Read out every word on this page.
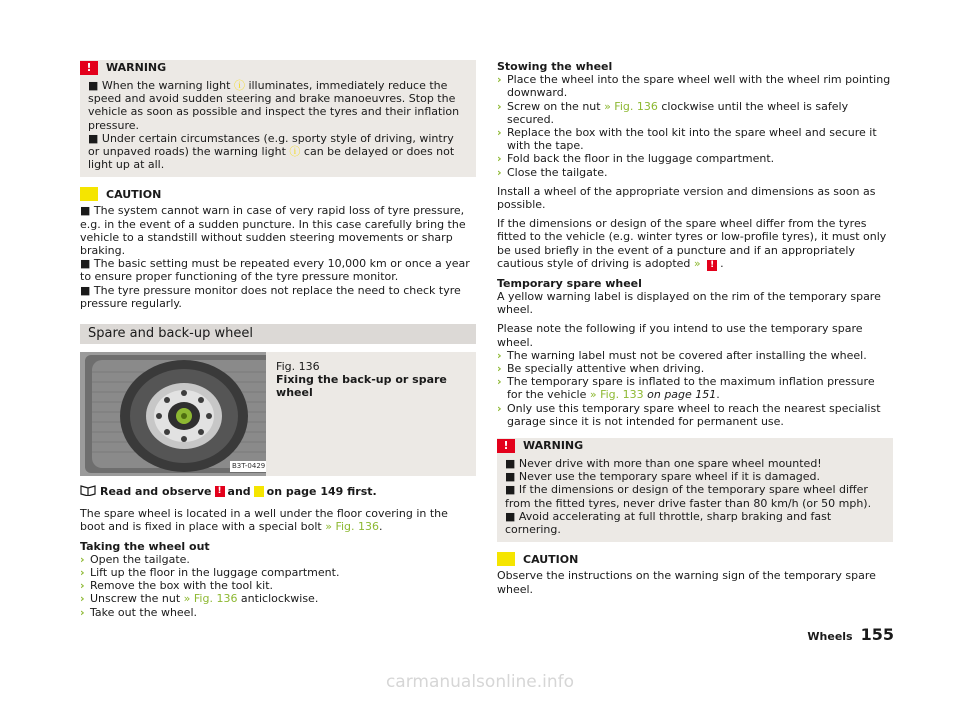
!	WARNING

■ When the warning light ⓘ illuminates, immediately reduce the speed and avoid sudden steering and brake manoeuvres. Stop the vehicle as soon as possible and inspect the tyres and their inflation pressure.

■ Under certain circumstances (e.g. sporty style of driving, wintry or unpaved roads) the warning light ⓘ can be delayed or does not light up at all.

CAUTION

■ The system cannot warn in case of very rapid loss of tyre pressure, e.g. in the event of a sudden puncture. In this case carefully bring the vehicle to a standstill without sudden steering movements or sharp braking.

■ The basic setting must be repeated every 10,000 km or once a year to ensure proper functioning of the tyre pressure monitor.

■ The tyre pressure monitor does not replace the need to check tyre pressure regularly.

Spare and back-up wheel
B3T-0429
Fig. 136
Fixing the back-up or spare wheel
Read and observe ! and on page 149 first.

The spare wheel is located in a well under the floor covering in the boot and is fixed in place with a special bolt » Fig. 136.

Taking the wheel out

› Open the tailgate.
› Lift up the floor in the luggage compartment.
› Remove the box with the tool kit.
› Unscrew the nut » Fig. 136 anticlockwise.
› Take out the wheel.

Stowing the wheel

› Place the wheel into the spare wheel well with the wheel rim pointing downward.
› Screw on the nut » Fig. 136 clockwise until the wheel is safely secured.
› Replace the box with the tool kit into the spare wheel and secure it with the tape.
› Fold back the floor in the luggage compartment.
› Close the tailgate.

Install a wheel of the appropriate version and dimensions as soon as possible.

If the dimensions or design of the spare wheel differ from the tyres fitted to the vehicle (e.g. winter tyres or low-profile tyres), it must only be used briefly in the event of a puncture and if an appropriately cautious style of driving is adopted » ! .

Temporary spare wheel

A yellow warning label is displayed on the rim of the temporary spare wheel.

Please note the following if you intend to use the temporary spare wheel.

› The warning label must not be covered after installing the wheel.
› Be specially attentive when driving.
› The temporary spare is inflated to the maximum inflation pressure for the vehicle » Fig. 133 on page 151.
› Only use this temporary spare wheel to reach the nearest specialist garage since it is not intended for permanent use.
!	WARNING

■ Never drive with more than one spare wheel mounted!

■ Never use the temporary spare wheel if it is damaged.

■ If the dimensions or design of the temporary spare wheel differ from the fitted tyres, never drive faster than 80 km/h (or 50 mph).

■ Avoid accelerating at full throttle, sharp braking and fast cornering.

CAUTION

Observe the instructions on the warning sign of the temporary spare wheel.

Wheels 155
carmanualsonline.info
